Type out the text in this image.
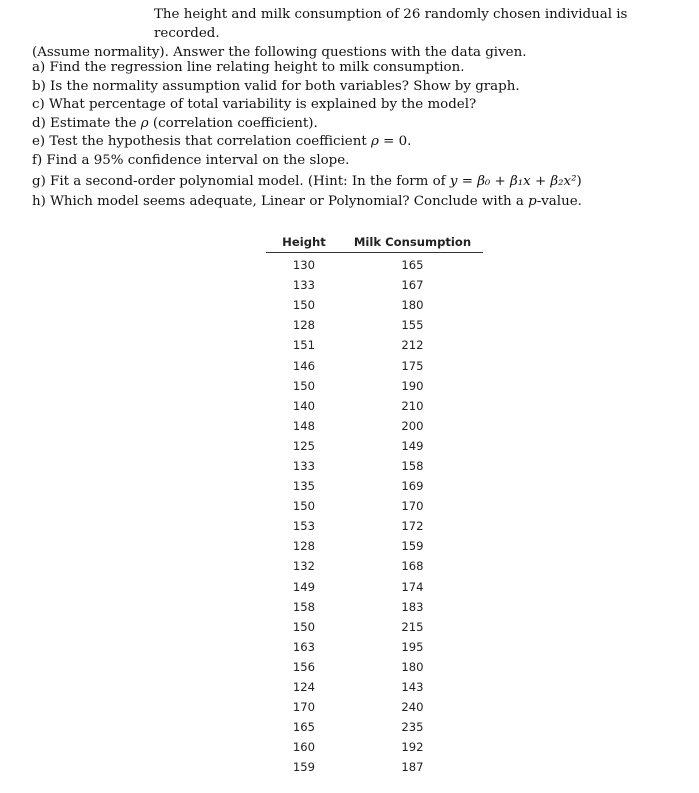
The height and milk consumption of 26 randomly chosen individual is recorded.
(Assume normality). Answer the following questions with the data given.
a) Find the regression line relating height to milk consumption.
b) Is the normality assumption valid for both variables? Show by graph.
c) What percentage of total variability is explained by the model?
d) Estimate the ρ (correlation coefficient).
e) Test the hypothesis that correlation coefficient ρ = 0.
f) Find a 95% confidence interval on the slope.
g) Fit a second-order polynomial model. (Hint: In the form of y = β₀ + β₁x + β₂x²)
h) Which model seems adequate, Linear or Polynomial? Conclude with a p-value.
Height	Milk Consumption
130	165
133	167
150	180
128	155
151	212
146	175
150	190
140	210
148	200
125	149
133	158
135	169
150	170
153	172
128	159
132	168
149	174
158	183
150	215
163	195
156	180
124	143
170	240
165	235
160	192
159	187
